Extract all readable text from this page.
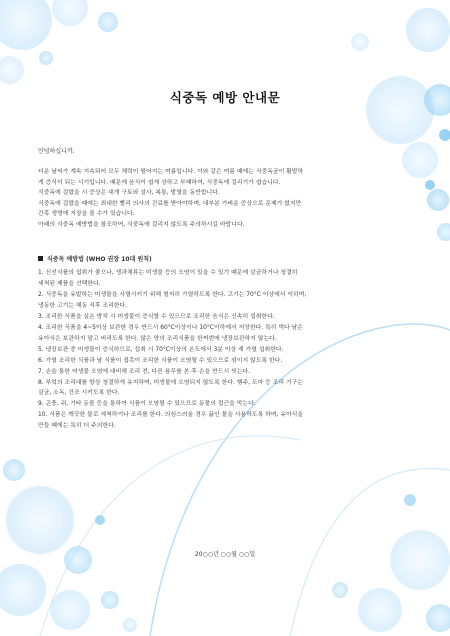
식중독 예방 안내문
안녕하십니까.
더운 날씨가 계속 지속되어 모두 체력이 떨어지는 여름입니다. 이와 같은 여름 때에는 식중독균이 활발하
게 증식이 되는 시기입니다. 때문에 음식이 쉽게 상하고 부패하여, 식중독에 걸리기가 쉽습니다.
식중독에 걸렸을 시 증상은 대개 구토와 설사, 복통, 발열을 동반합니다.
식중독에 걸렸을 때에는 최대한 빨리 의사의 진료를 받아야하며, 대부분 가벼운 증상으로 문제가 없지만
간혹 생명에 지장을 줄 수가 있습니다.
아래의 식중독 예방법을 참조하여, 식중독에 걸리지 않도록 주의하시길 바랍니다.
식중독 예방법 (WHO 권장 10대 원칙)
1. 신선식품의 섭취가 좋으나, 생과채류는 미생물 등의 오염이 있을 수 있기 때문에 살균하거나 청결히
세척된 제품을 선택한다.
2. 식중독을 유발하는 미생물을 사멸시키기 위해 철저히 가열하도록 한다. 고기는 70°C 이상에서 익히며,
냉동한 고기는 해동 직후 조리한다.
3. 조리한 식품을 실온 방치 시 미생물이 증식할 수 있으므로 조리한 음식은 신속히 섭취한다.
4. 조리한 식품을 4~5이상 보관한 경우 반드시 60°C이상이나 10°C이하에서 저장한다. 특히 먹다 남은
유아식은 보관하지 말고 버리도록 한다. 많은 양의 조리식품을 한꺼번에 냉장보관하지 않는다.
5. 냉장보관 중 미생물이 증식하므로, 섭취 시 70°C이상의 온도에서 3분 이상 재 가열 섭취한다.
6. 가열 조리한 식품과 날 식품이 접촉이 조리한 식품이 오염될 수 있으므로 섞이지 않도록 한다.
7. 손을 통한 미생물 오염에 대비해 조리 전, 다른 용무를 본 후 손을 반드시 씻는다.
8. 부엌의 조리대를 항상 청결하게 유지하며, 미생물에 오염되지 않도록 한다. 행주, 도마 등 조리 기구는
살균, 소독, 건조 시키도록 한다.
9. 곤충, 쥐, 기타 동물 등을 통하여 식품이 오염될 수 있으므로 동물의 접근을 막는다.
10. 식품은 깨끗한 물로 세척하거나 조리를 한다. 의심스러울 경우 끓인 물을 사용하도록 하며, 유아식을
만들 때에는 특히 더 주의한다.
20○○년 ○○월 ○○일
